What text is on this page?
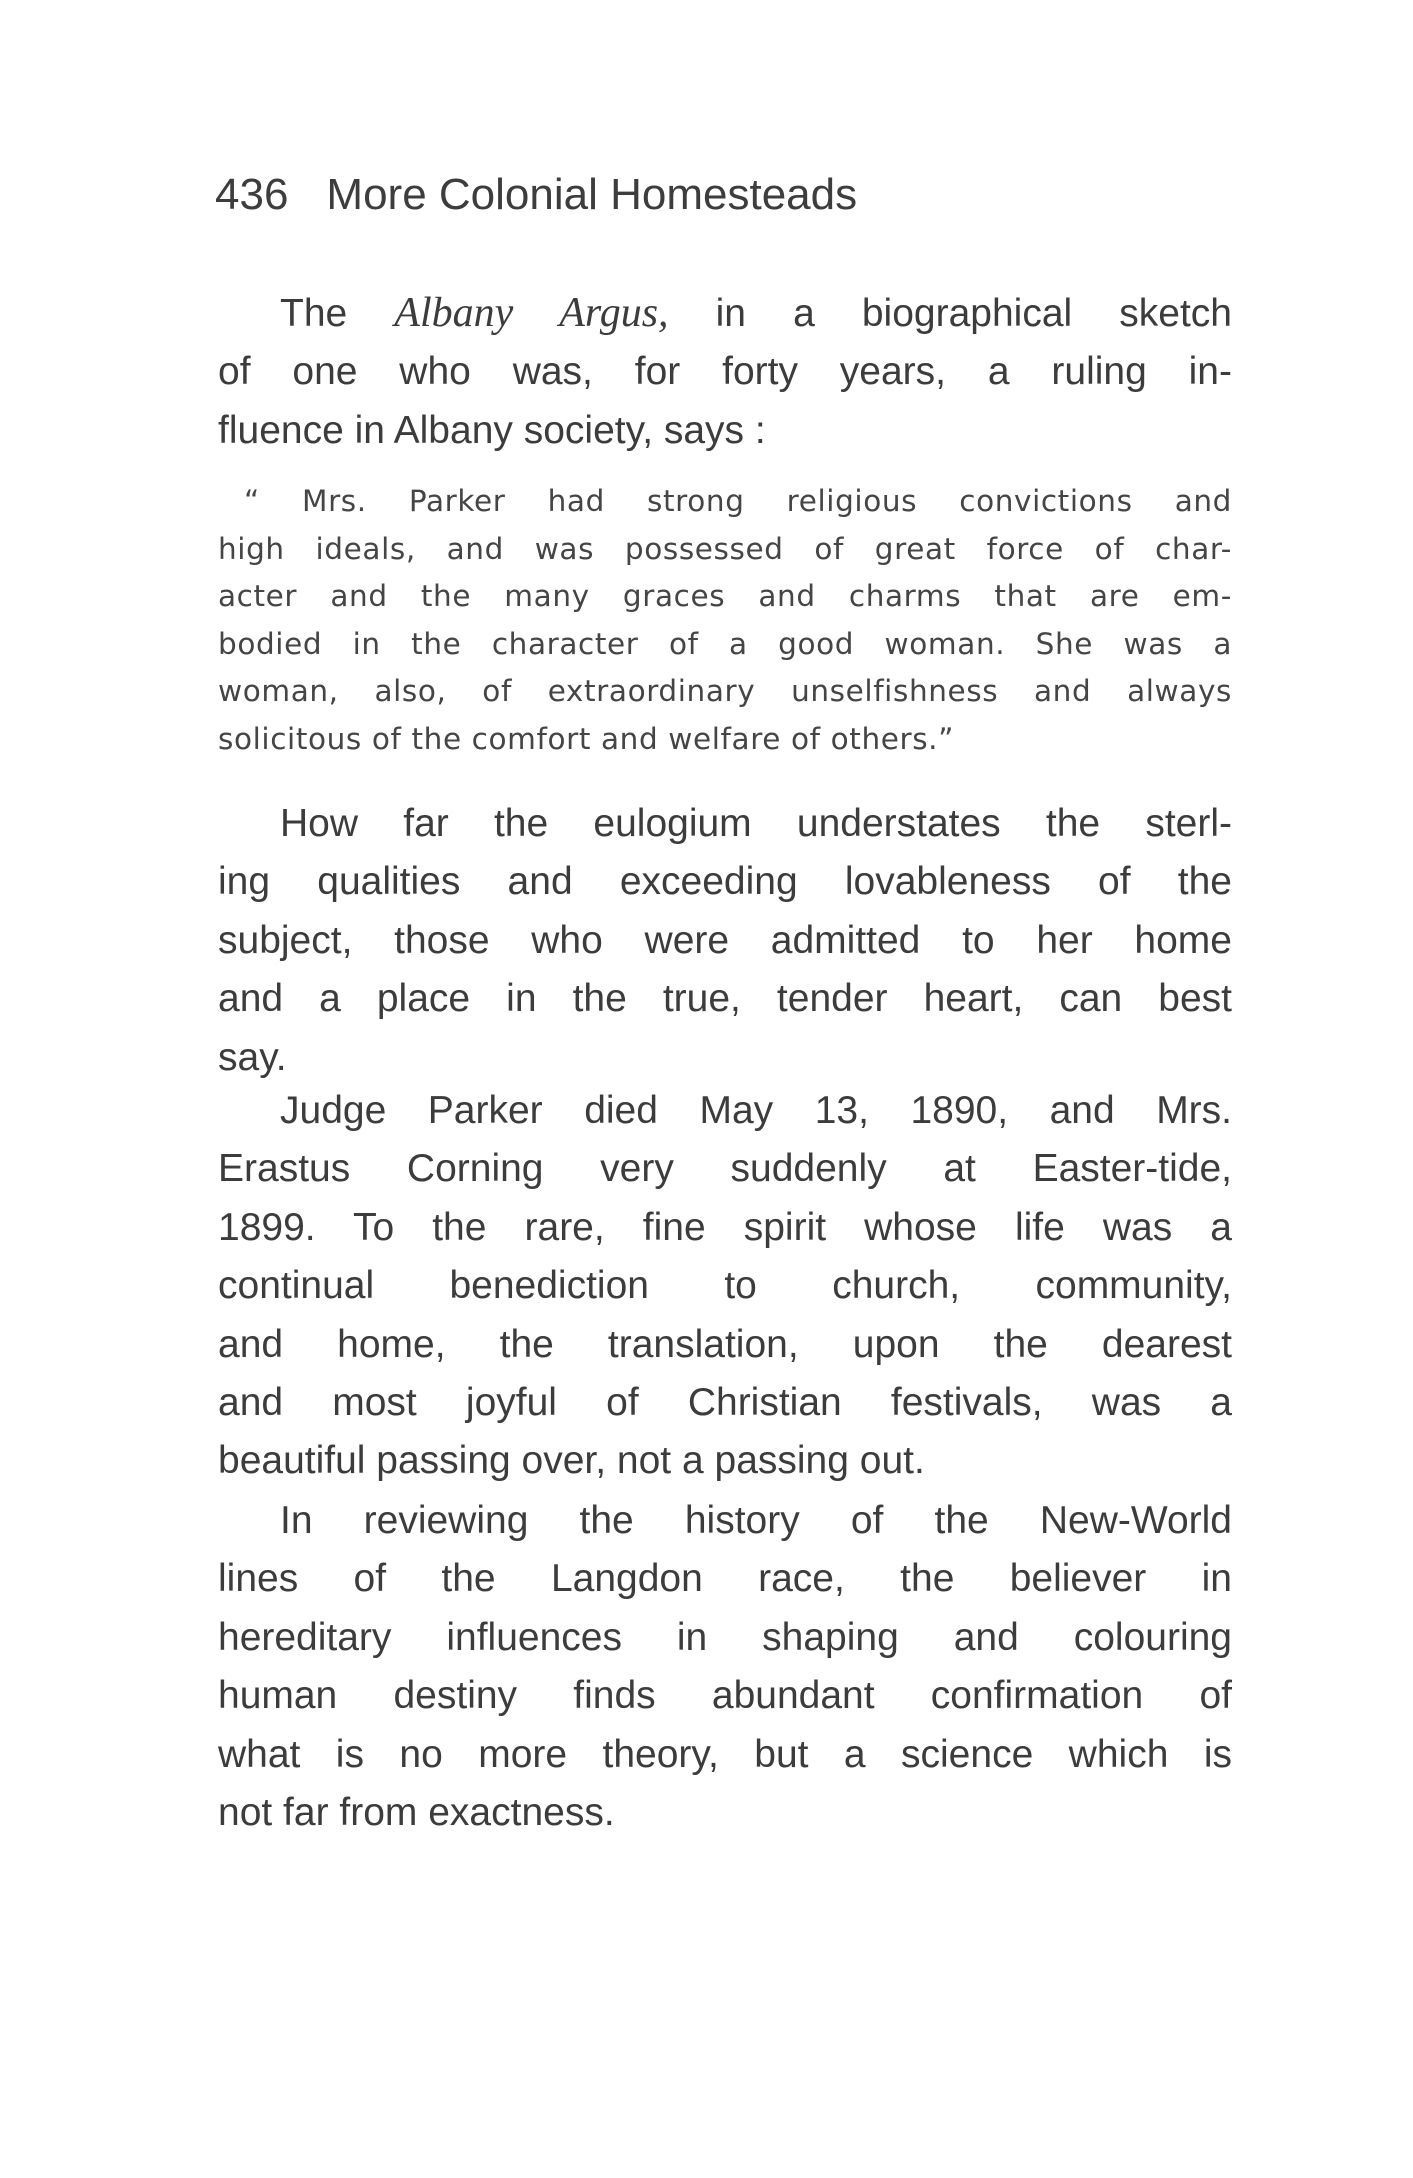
436 More Colonial Homesteads
The Albany Argus, in a biographical sketch
of one who was, for forty years, a ruling in-
fluence in Albany society, says :
“ Mrs. Parker had strong religious convictions and
high ideals, and was possessed of great force of char-
acter and the many graces and charms that are em-
bodied in the character of a good woman. She was a
woman, also, of extraordinary unselfishness and always
solicitous of the comfort and welfare of others.”
How far the eulogium understates the sterl-
ing qualities and exceeding lovableness of the
subject, those who were admitted to her home
and a place in the true, tender heart, can best
say.
Judge Parker died May 13, 1890, and Mrs.
Erastus Corning very suddenly at Easter-tide,
1899. To the rare, fine spirit whose life was a
continual benediction to church, community,
and home, the translation, upon the dearest
and most joyful of Christian festivals, was a
beautiful passing over, not a passing out.
In reviewing the history of the New-World
lines of the Langdon race, the believer in
hereditary influences in shaping and colouring
human destiny finds abundant confirmation of
what is no more theory, but a science which is
not far from exactness.
